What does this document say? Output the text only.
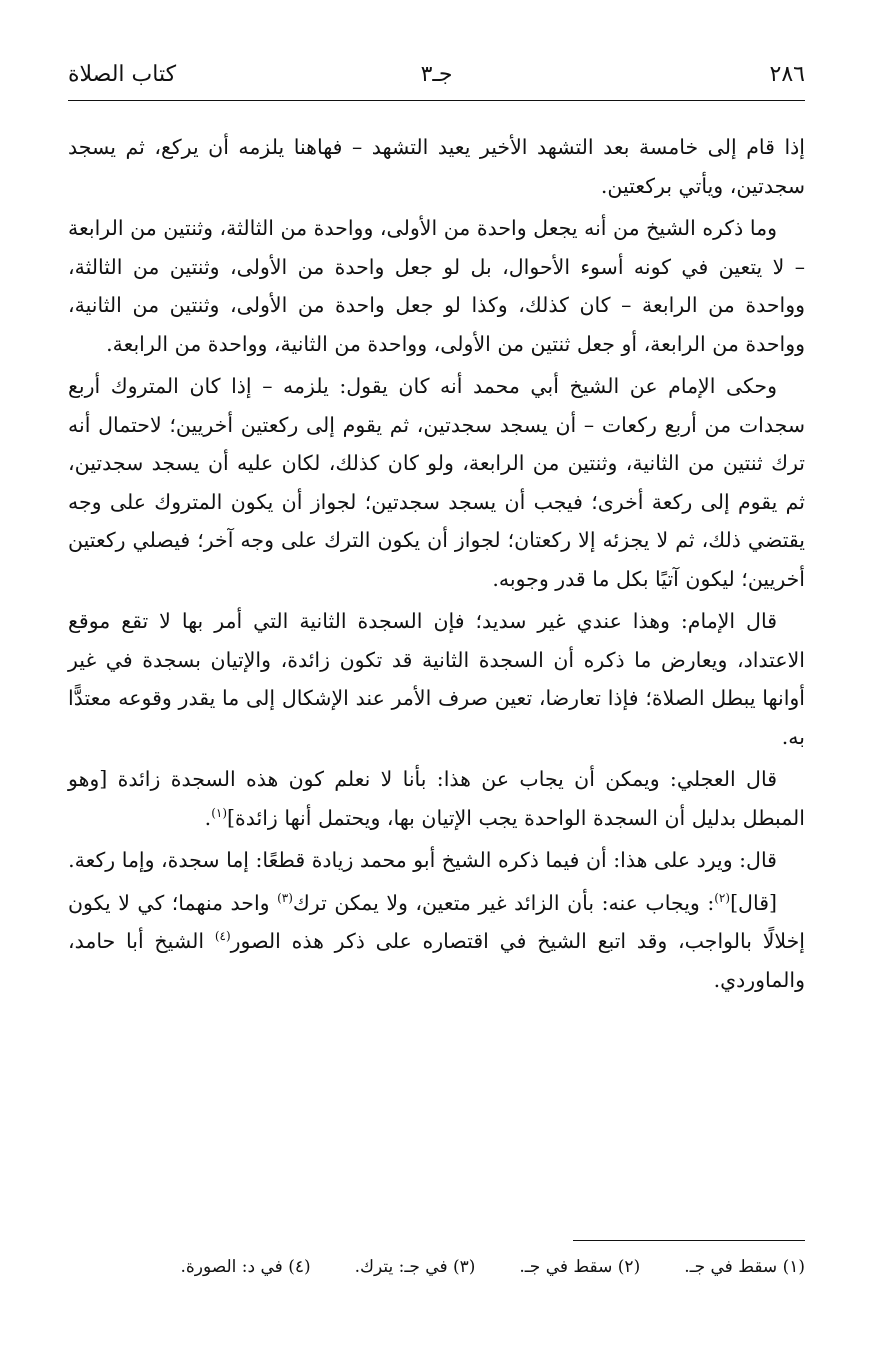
٢٨٦
جـ٣
كتاب الصلاة

إذا قام إلى خامسة بعد التشهد الأخير يعيد التشهد – فهاهنا يلزمه أن يركع، ثم يسجد سجدتين، ويأتي بركعتين.

وما ذكره الشيخ من أنه يجعل واحدة من الأولى، وواحدة من الثالثة، وثنتين من الرابعة – لا يتعين في كونه أسوء الأحوال، بل لو جعل واحدة من الأولى، وثنتين من الثالثة، وواحدة من الرابعة – كان كذلك، وكذا لو جعل واحدة من الأولى، وثنتين من الثانية، وواحدة من الرابعة، أو جعل ثنتين من الأولى، وواحدة من الثانية، وواحدة من الرابعة.

وحكى الإمام عن الشيخ أبي محمد أنه كان يقول: يلزمه – إذا كان المتروك أربع سجدات من أربع ركعات – أن يسجد سجدتين، ثم يقوم إلى ركعتين أخريين؛ لاحتمال أنه ترك ثنتين من الثانية، وثنتين من الرابعة، ولو كان كذلك، لكان عليه أن يسجد سجدتين، ثم يقوم إلى ركعة أخرى؛ فيجب أن يسجد سجدتين؛ لجواز أن يكون المتروك على وجه يقتضي ذلك، ثم لا يجزئه إلا ركعتان؛ لجواز أن يكون الترك على وجه آخر؛ فيصلي ركعتين أخريين؛ ليكون آتيًا بكل ما قدر وجوبه.

قال الإمام: وهذا عندي غير سديد؛ فإن السجدة الثانية التي أمر بها لا تقع موقع الاعتداد، ويعارض ما ذكره أن السجدة الثانية قد تكون زائدة، والإتيان بسجدة في غير أوانها يبطل الصلاة؛ فإذا تعارضا، تعين صرف الأمر عند الإشكال إلى ما يقدر وقوعه معتدًّا به.

قال العجلي: ويمكن أن يجاب عن هذا: بأنا لا نعلم كون هذه السجدة زائدة [وهو المبطل بدليل أن السجدة الواحدة يجب الإتيان بها، ويحتمل أنها زائدة]$^{(١)}$.

قال: ويرد على هذا: أن فيما ذكره الشيخ أبو محمد زيادة قطعًا: إما سجدة، وإما ركعة.

[قال]$^{(٢)}$: ويجاب عنه: بأن الزائد غير متعين، ولا يمكن ترك$^{(٣)}$ واحد منهما؛ كي لا يكون إخلالًا بالواجب، وقد اتبع الشيخ في اقتصاره على ذكر هذه الصور$^{(٤)}$ الشيخ أبا حامد، والماوردي.

(١) سقط في جـ.
(٢) سقط في جـ.
(٣) في جـ: يترك.
(٤) في د: الصورة.
